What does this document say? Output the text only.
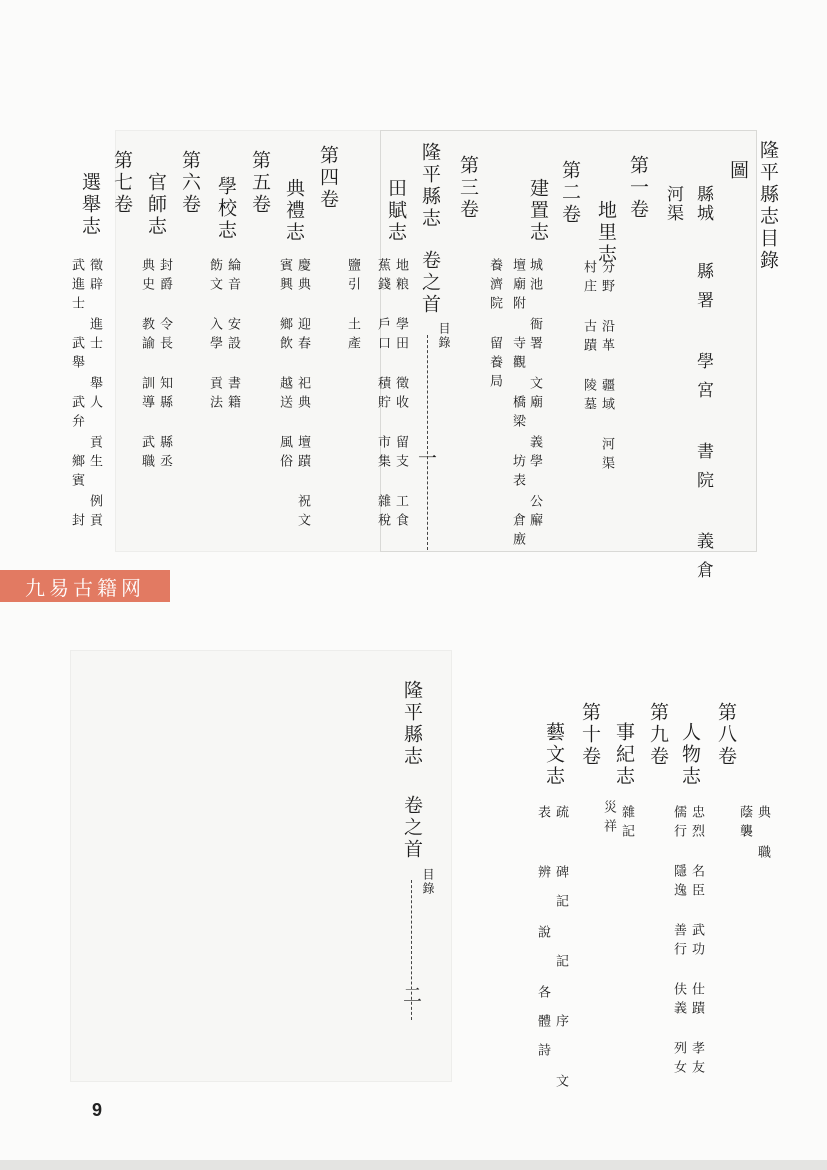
隆平縣志目錄
圖
縣城
縣署 學宮 書院 義倉
河渠
第一卷
地里志
分野 沿革 疆域 河渠
村庄 古蹟 陵墓
第二卷
建置志
城池 衙署 文廟 義學 公廨
壇廟附 寺觀 橋梁 坊表 倉廒
養濟院 留養局
第三卷
田賦志
地粮 學田 徵收 留支 工食
蕉錢 戶口 積貯 市集 雜稅
鹽引 土產
隆平縣志
卷之首
目錄
一
第四卷
典禮志
慶典 迎春 祀典 壇蹟 祝文
賓興 鄉飲 越送 風俗
第五卷
學校志
綸音 安設 書籍
飭文 入學 貢法
第六卷
官師志
封爵 令長 知縣 縣丞
典史 教諭 訓導 武職
第七卷
選舉志
徵辟 進士 舉人 貢生 例貢
武進士 武舉 武弁 鄉賓 封
九易古籍网
第八卷
人物志
典 職
蔭襲
忠烈 名臣 武功 仕蹟 孝友
儒行 隱逸 善行 伕義 列女
第九卷
事紀志
雜記
災祥
第十卷
藝文志
疏 碑記 記 序 文
表 辨 說 各體詩
隆平縣志
卷之首
目錄
二
9
